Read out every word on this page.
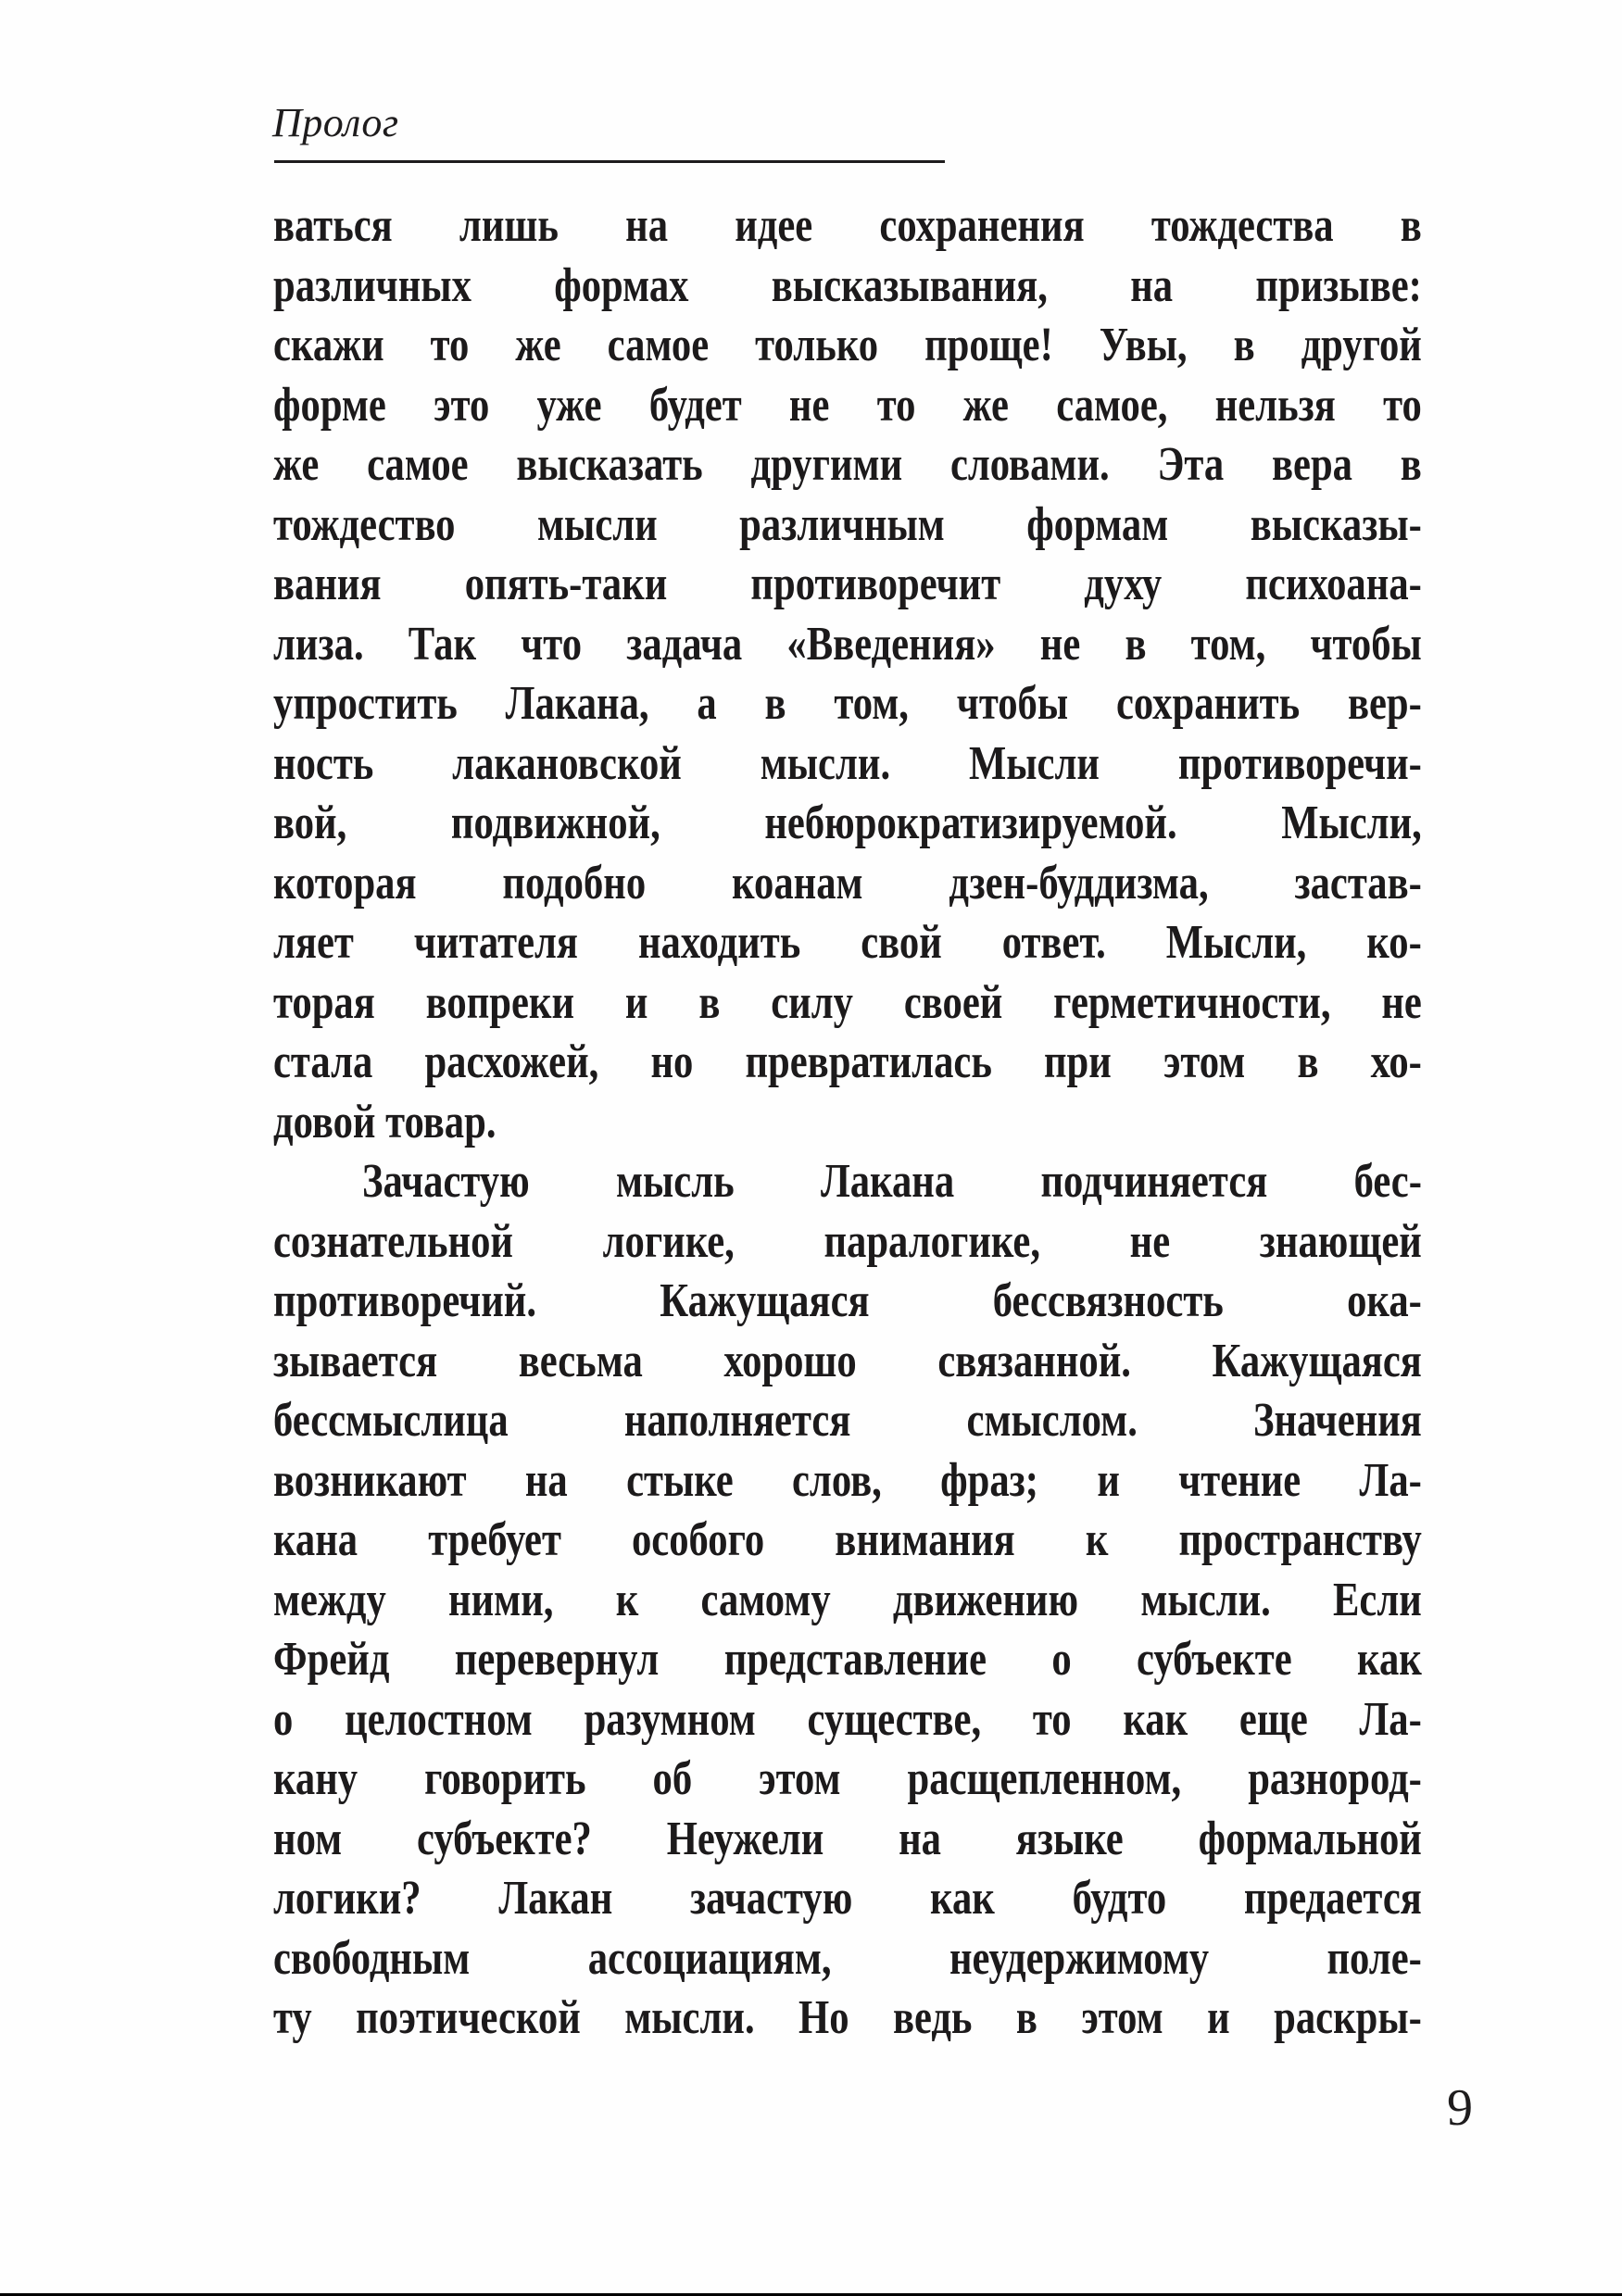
Пролог
ваться лишь на идее сохранения тождества в
различных формах высказывания, на призыве:
скажи то же самое только проще! Увы, в другой
форме это уже будет не то же самое, нельзя то
же самое высказать другими словами. Эта вера в
тождество мысли различным формам высказы-
вания опять-таки противоречит духу психоана-
лиза. Так что задача «Введения» не в том, чтобы
упростить Лакана, а в том, чтобы сохранить вер-
ность лакановской мысли. Мысли противоречи-
вой, подвижной, небюрократизируемой. Мысли,
которая подобно коанам дзен-буддизма, застав-
ляет читателя находить свой ответ. Мысли, ко-
торая вопреки и в силу своей герметичности, не
стала расхожей, но превратилась при этом в хо-
довой товар.
Зачастую мысль Лакана подчиняется бес-
сознательной логике, паралогике, не знающей
противоречий. Кажущаяся бессвязность ока-
зывается весьма хорошо связанной. Кажущаяся
бессмыслица наполняется смыслом. Значения
возникают на стыке слов, фраз; и чтение Ла-
кана требует особого внимания к пространству
между ними, к самому движению мысли. Если
Фрейд перевернул представление о субъекте как
о целостном разумном существе, то как еще Ла-
кану говорить об этом расщепленном, разнород-
ном субъекте? Неужели на языке формальной
логики? Лакан зачастую как будто предается
свободным ассоциациям, неудержимому поле-
ту поэтической мысли. Но ведь в этом и раскры-
9
